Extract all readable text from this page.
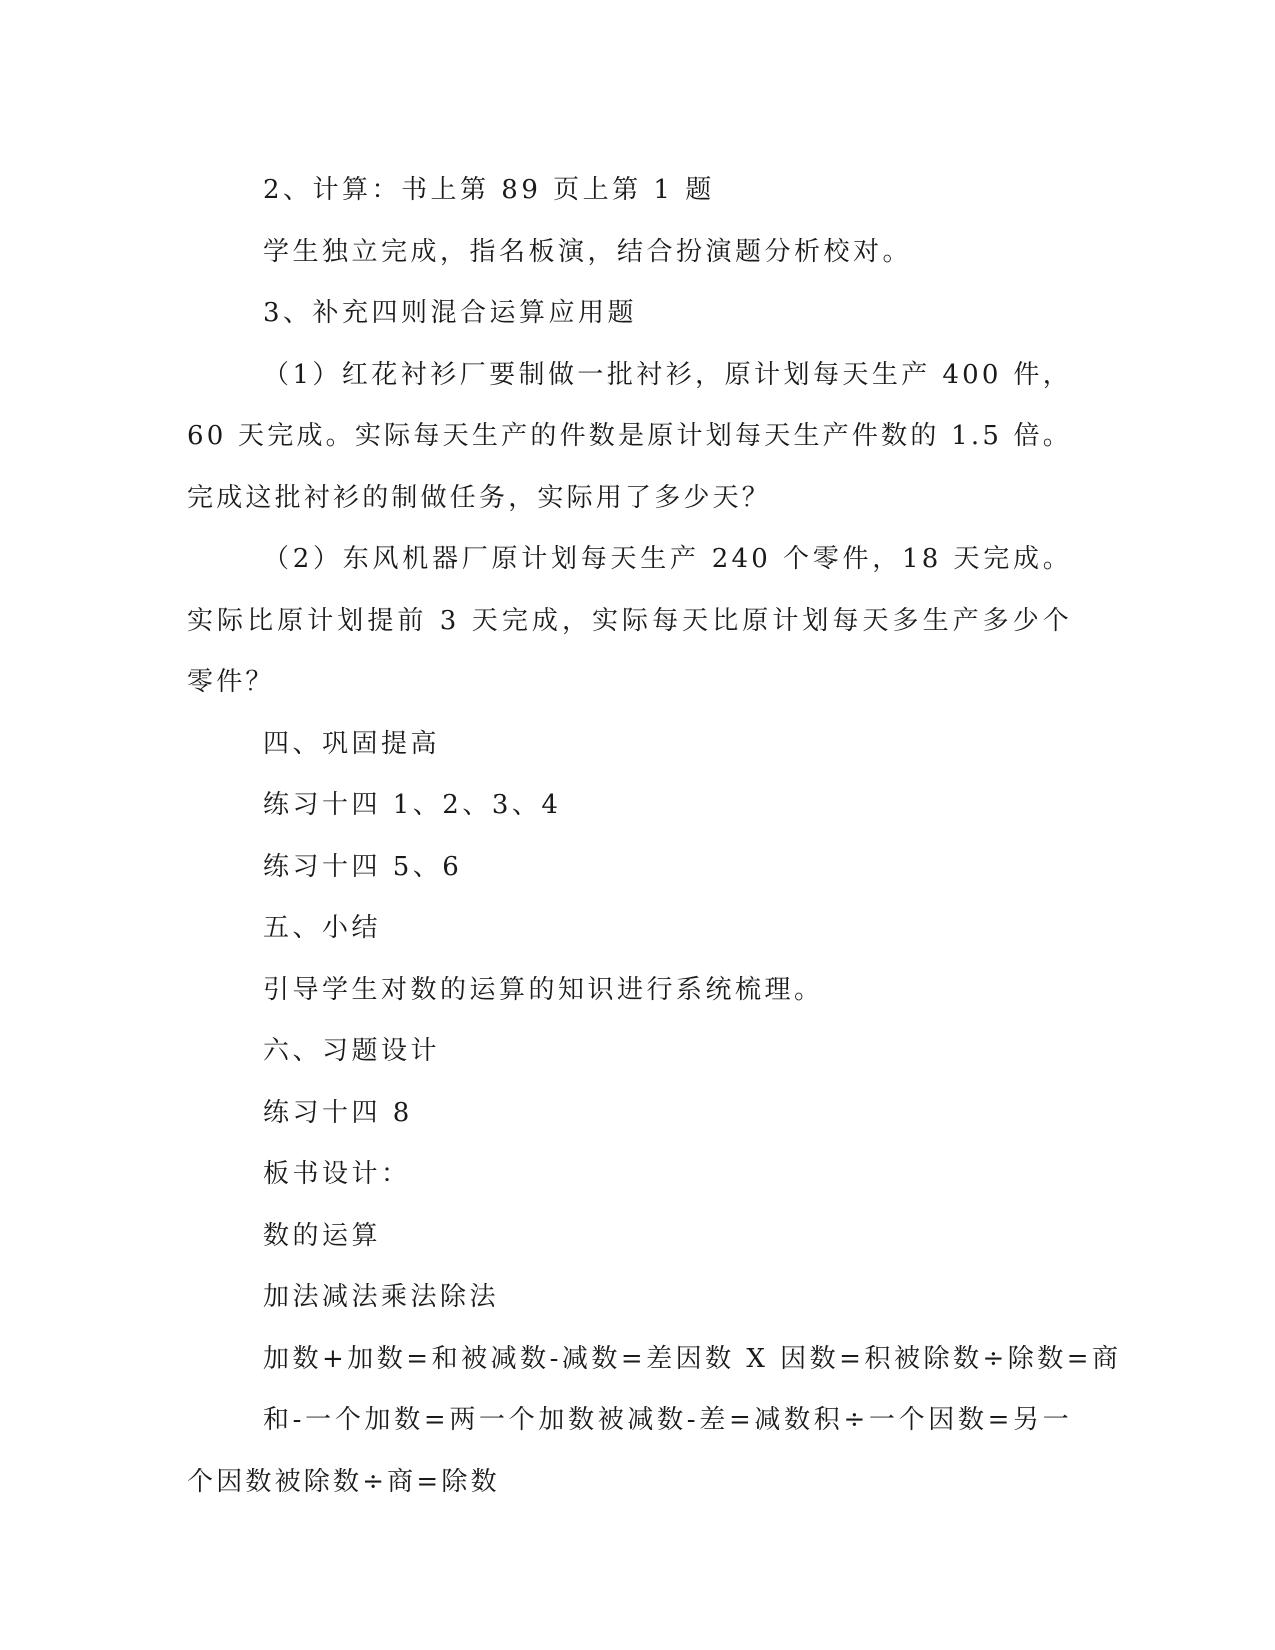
2、计算：书上第 89 页上第 1 题

学生独立完成，指名板演，结合扮演题分析校对。

3、补充四则混合运算应用题

（1）红花衬衫厂要制做一批衬衫，原计划每天生产 400 件，60 天完成。实际每天生产的件数是原计划每天生产件数的 1.5 倍。完成这批衬衫的制做任务，实际用了多少天？

（2）东风机器厂原计划每天生产 240 个零件，18 天完成。实际比原计划提前 3 天完成，实际每天比原计划每天多生产多少个零件？

四、巩固提高

练习十四 1、2、3、4

练习十四 5、6

五、小结

引导学生对数的运算的知识进行系统梳理。

六、习题设计

练习十四 8

板书设计：

数的运算

加法减法乘法除法

加数+加数=和被减数-减数=差因数 X 因数=积被除数÷除数=商

和-一个加数=两一个加数被减数-差=减数积÷一个因数=另一个因数被除数÷商=除数
